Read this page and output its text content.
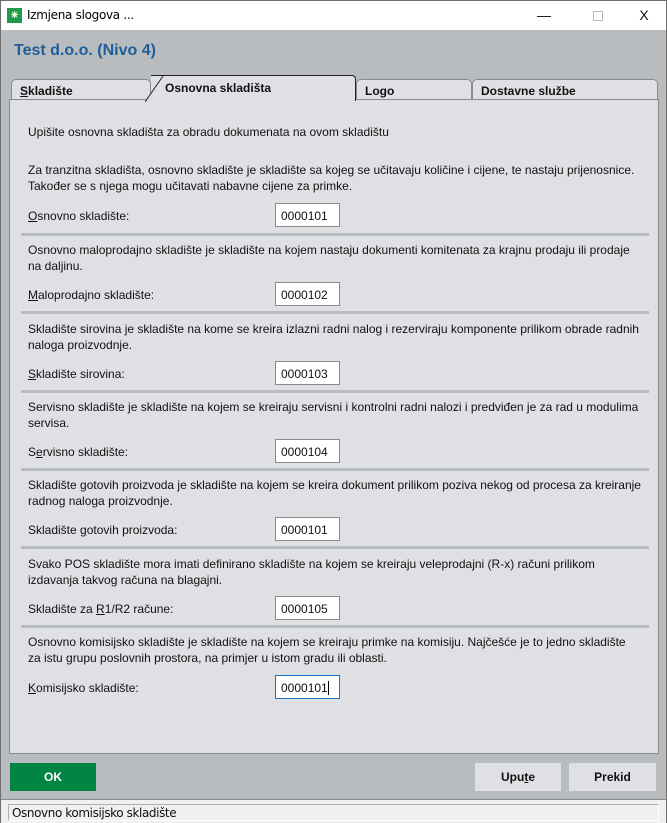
✷ Izmjena slogova ...	—	X
Test d.o.o. (Nivo 4)
Skladište	Logo	Dostavne službe
Osnovna skladišta
Upišite osnovna skladišta za obradu dokumenata na ovom skladištu
Za tranzitna skladišta, osnovno skladište je skladište sa kojeg se učitavaju količine i cijene, te nastaju prijenosnice. Također se s njega mogu učitavati nabavne cijene za primke.
Osnovno skladište:	0000101
Osnovno maloprodajno skladište je skladište na kojem nastaju dokumenti komitenata za krajnu prodaju ili prodaje na daljinu.
Maloprodajno skladište:	0000102
Skladište sirovina je skladište na kome se kreira izlazni radni nalog i rezerviraju komponente prilikom obrade radnih naloga proizvodnje.
Skladište sirovina:	0000103
Servisno skladište je skladište na kojem se kreiraju servisni i kontrolni radni nalozi i predviđen je za rad u modulima servisa.
Servisno skladište:	0000104
Skladište gotovih proizvoda je skladište na kojem se kreira dokument prilikom poziva nekog od procesa za kreiranje radnog naloga proizvodnje.
Skladište gotovih proizvoda:	0000101
Svako POS skladište mora imati definirano skladište na kojem se kreiraju veleprodajni (R-x) računi prilikom izdavanja takvog računa na blagajni.
Skladište za R1/R2 račune:	0000105
Osnovno komisijsko skladište je skladište na kojem se kreiraju primke na komisiju. Najčešće je to jedno skladište za istu grupu poslovnih prostora, na primjer u istom gradu ili oblasti.
Komisijsko skladište:	0000101
OK	Upute	Prekid
Osnovno komisijsko skladište
